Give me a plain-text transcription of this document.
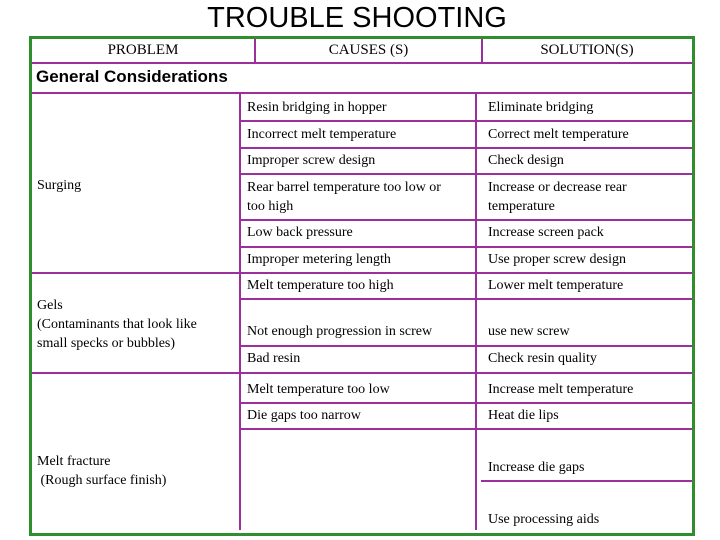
TROUBLE SHOOTING
PROBLEM	CAUSES (S)	SOLUTION(S)
General Considerations
Surging
Gels
(Contaminants that look like
small specks or bubbles)
Melt fracture
(Rough surface finish)
Resin bridging in hopper
Incorrect melt temperature
Improper screw design
Rear barrel temperature too low or
too high
Low back pressure
Improper metering length
Melt temperature too high
Not enough progression in screw
Bad resin
Melt temperature too low
Die gaps too narrow
Eliminate bridging
Correct melt temperature
Check design
Increase or decrease rear
temperature
Increase screen pack
Use proper screw design
Lower melt temperature
use new screw
Check resin quality
Increase melt temperature
Heat die lips
Increase die gaps
Use processing aids
